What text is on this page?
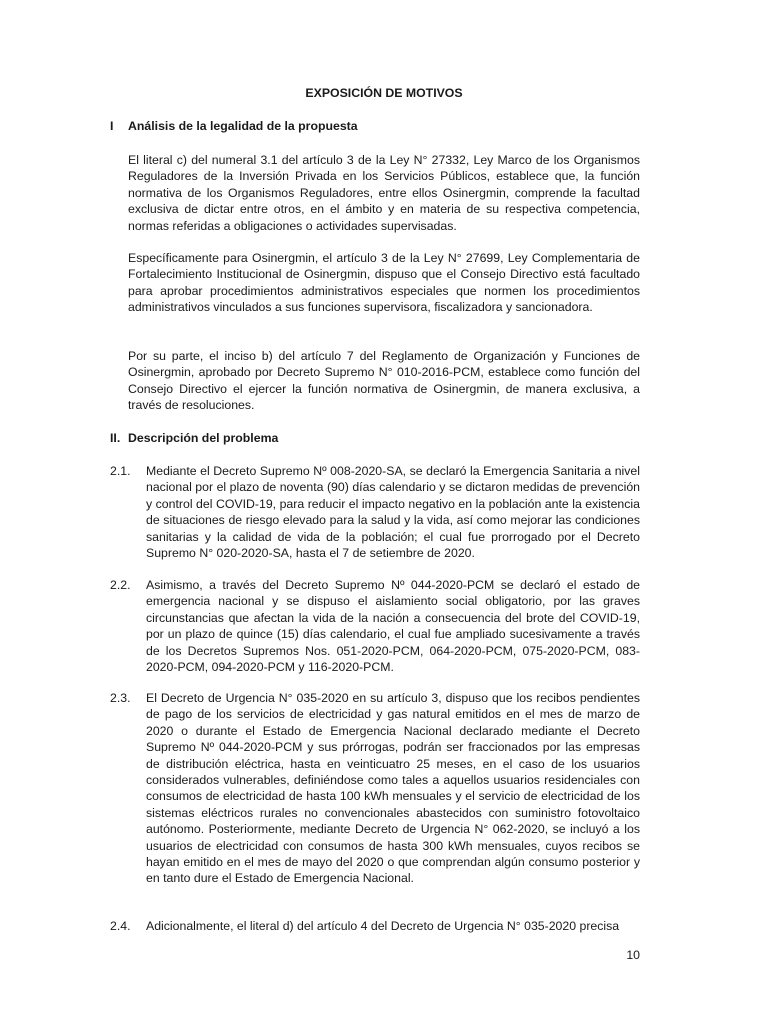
EXPOSICIÓN DE MOTIVOS
I Análisis de la legalidad de la propuesta

El literal c) del numeral 3.1 del artículo 3 de la Ley N° 27332, Ley Marco de los Organismos Reguladores de la Inversión Privada en los Servicios Públicos, establece que, la función normativa de los Organismos Reguladores, entre ellos Osinergmin, comprende la facultad exclusiva de dictar entre otros, en el ámbito y en materia de su respectiva competencia, normas referidas a obligaciones o actividades supervisadas.

Específicamente para Osinergmin, el artículo 3 de la Ley N° 27699, Ley Complementaria de Fortalecimiento Institucional de Osinergmin, dispuso que el Consejo Directivo está facultado para aprobar procedimientos administrativos especiales que normen los procedimientos administrativos vinculados a sus funciones supervisora, fiscalizadora y sancionadora.

Por su parte, el inciso b) del artículo 7 del Reglamento de Organización y Funciones de Osinergmin, aprobado por Decreto Supremo N° 010-2016-PCM, establece como función del Consejo Directivo el ejercer la función normativa de Osinergmin, de manera exclusiva, a través de resoluciones.

II. Descripción del problema
2.1. Mediante el Decreto Supremo Nº 008-2020-SA, se declaró la Emergencia Sanitaria a nivel nacional por el plazo de noventa (90) días calendario y se dictaron medidas de prevención y control del COVID-19, para reducir el impacto negativo en la población ante la existencia de situaciones de riesgo elevado para la salud y la vida, así como mejorar las condiciones sanitarias y la calidad de vida de la población; el cual fue prorrogado por el Decreto Supremo N° 020-2020-SA, hasta el 7 de setiembre de 2020.

2.2. Asimismo, a través del Decreto Supremo Nº 044-2020-PCM se declaró el estado de emergencia nacional y se dispuso el aislamiento social obligatorio, por las graves circunstancias que afectan la vida de la nación a consecuencia del brote del COVID-19, por un plazo de quince (15) días calendario, el cual fue ampliado sucesivamente a través de los Decretos Supremos Nos. 051-2020-PCM, 064-2020-PCM, 075-2020-PCM, 083-2020-PCM, 094-2020-PCM y 116-2020-PCM.

2.3. El Decreto de Urgencia N° 035-2020 en su artículo 3, dispuso que los recibos pendientes de pago de los servicios de electricidad y gas natural emitidos en el mes de marzo de 2020 o durante el Estado de Emergencia Nacional declarado mediante el Decreto Supremo Nº 044-2020-PCM y sus prórrogas, podrán ser fraccionados por las empresas de distribución eléctrica, hasta en veinticuatro 25 meses, en el caso de los usuarios considerados vulnerables, definiéndose como tales a aquellos usuarios residenciales con consumos de electricidad de hasta 100 kWh mensuales y el servicio de electricidad de los sistemas eléctricos rurales no convencionales abastecidos con suministro fotovoltaico autónomo. Posteriormente, mediante Decreto de Urgencia N° 062-2020, se incluyó a los usuarios de electricidad con consumos de hasta 300 kWh mensuales, cuyos recibos se hayan emitido en el mes de mayo del 2020 o que comprendan algún consumo posterior y en tanto dure el Estado de Emergencia Nacional.

2.4. Adicionalmente, el literal d) del artículo 4 del Decreto de Urgencia N° 035-2020 precisa

10
